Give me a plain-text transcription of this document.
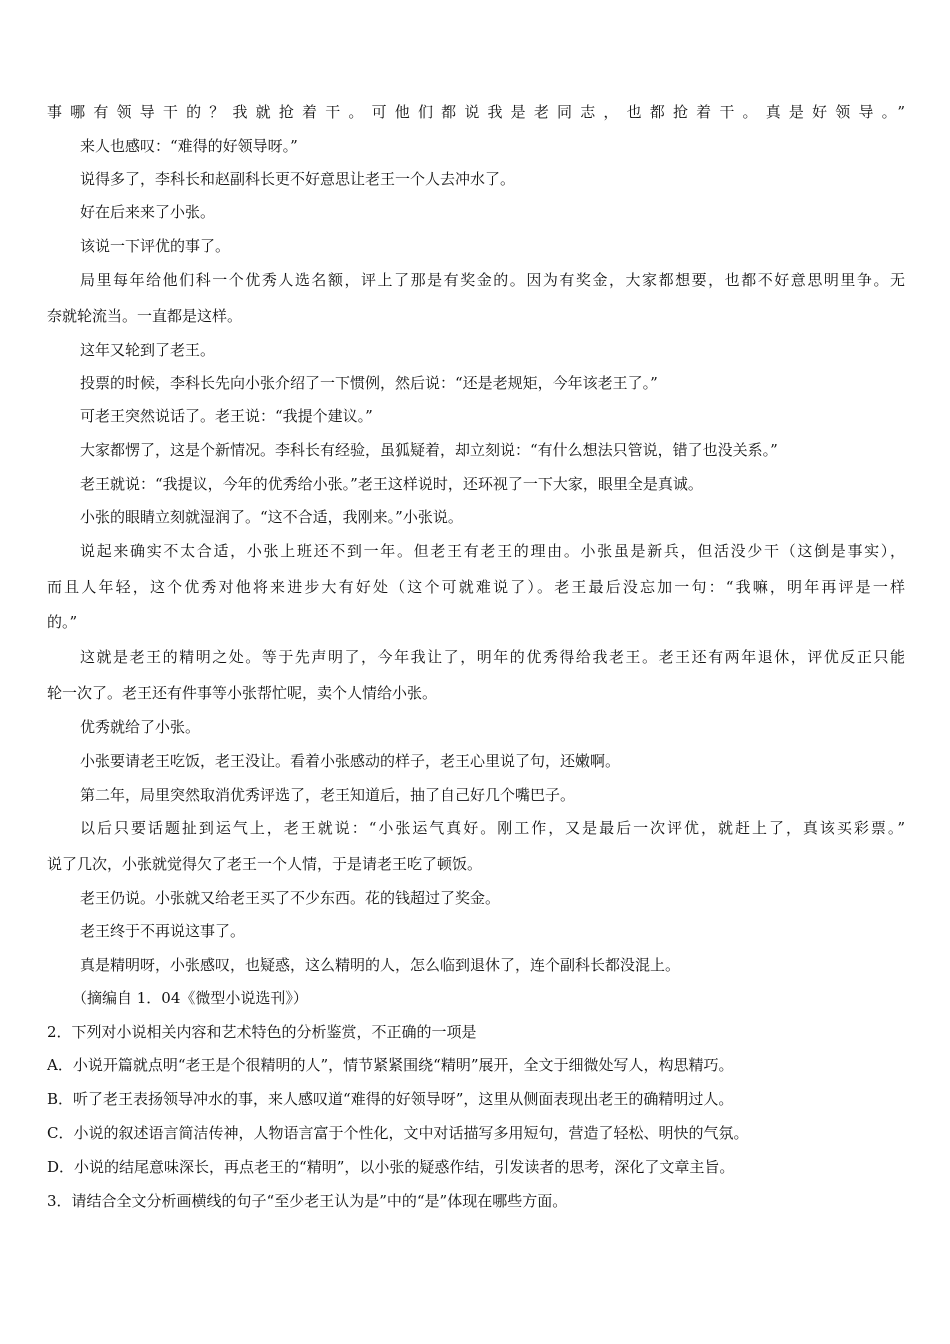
事哪有领导干的？我就抢着干。可他们都说我是老同志，也都抢着干。真是好领导。”
来人也感叹：“难得的好领导呀。”
说得多了，李科长和赵副科长更不好意思让老王一个人去冲水了。
好在后来来了小张。
该说一下评优的事了。
局里每年给他们科一个优秀人选名额，评上了那是有奖金的。因为有奖金，大家都想要，也都不好意思明里争。无
奈就轮流当。一直都是这样。
这年又轮到了老王。
投票的时候，李科长先向小张介绍了一下惯例，然后说：“还是老规矩，今年该老王了。”
可老王突然说话了。老王说：“我提个建议。”
大家都愣了，这是个新情况。李科长有经验，虽狐疑着，却立刻说：“有什么想法只管说，错了也没关系。”
老王就说：“我提议，今年的优秀给小张。”老王这样说时，还环视了一下大家，眼里全是真诚。
小张的眼睛立刻就湿润了。“这不合适，我刚来。”小张说。
说起来确实不太合适，小张上班还不到一年。但老王有老王的理由。小张虽是新兵，但活没少干（这倒是事实），
而且人年轻，这个优秀对他将来进步大有好处（这个可就难说了）。老王最后没忘加一句：“我嘛，明年再评是一样
的。”
这就是老王的精明之处。等于先声明了，今年我让了，明年的优秀得给我老王。老王还有两年退休，评优反正只能
轮一次了。老王还有件事等小张帮忙呢，卖个人情给小张。
优秀就给了小张。
小张要请老王吃饭，老王没让。看着小张感动的样子，老王心里说了句，还嫩啊。
第二年，局里突然取消优秀评选了，老王知道后，抽了自己好几个嘴巴子。
以后只要话题扯到运气上，老王就说：“小张运气真好。刚工作，又是最后一次评优，就赶上了，真该买彩票。”
说了几次，小张就觉得欠了老王一个人情，于是请老王吃了顿饭。
老王仍说。小张就又给老王买了不少东西。花的钱超过了奖金。
老王终于不再说这事了。
真是精明呀，小张感叹，也疑惑，这么精明的人，怎么临到退休了，连个副科长都没混上。
（摘编自 1．04《微型小说选刊》）
2．下列对小说相关内容和艺术特色的分析鉴赏，不正确的一项是
A．小说开篇就点明“老王是个很精明的人”，情节紧紧围绕“精明”展开，全文于细微处写人，构思精巧。
B．听了老王表扬领导冲水的事，来人感叹道“难得的好领导呀”，这里从侧面表现出老王的确精明过人。
C．小说的叙述语言简洁传神，人物语言富于个性化，文中对话描写多用短句，营造了轻松、明快的气氛。
D．小说的结尾意味深长，再点老王的“精明”，以小张的疑惑作结，引发读者的思考，深化了文章主旨。
3．请结合全文分析画横线的句子“至少老王认为是”中的“是”体现在哪些方面。
